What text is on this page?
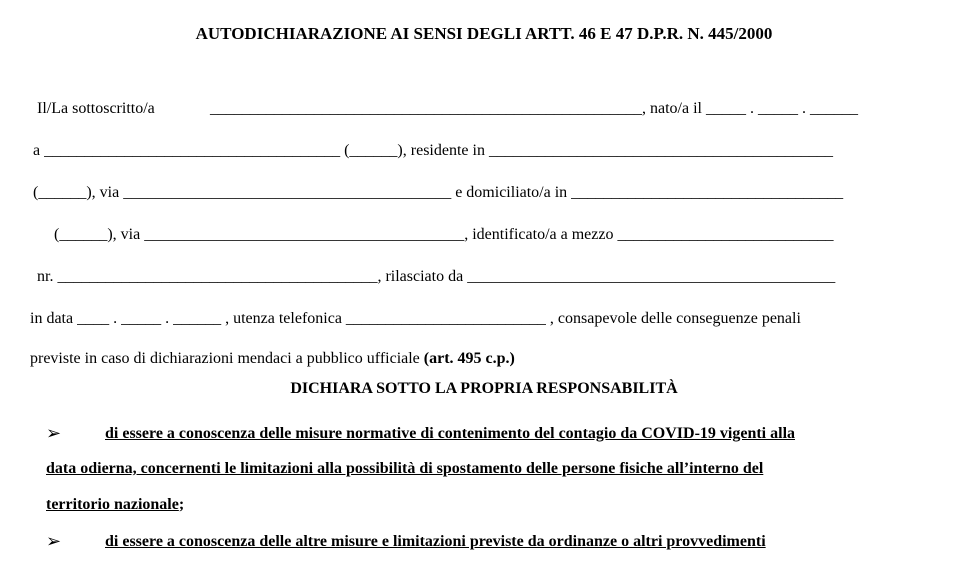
AUTODICHIARAZIONE AI SENSI DEGLI ARTT. 46 E 47 D.P.R. N. 445/2000
Il/La sottoscritto/a	______________________________________________________, nato/a il _____ . _____ . ______
a _____________________________________ (______), residente in ___________________________________________
(______), via _________________________________________ e domiciliato/a in __________________________________
(______), via ________________________________________, identificato/a a mezzo ___________________________
nr. ________________________________________, rilasciato da ______________________________________________
in data ____ . _____ . ______ , utenza telefonica _________________________ , consapevole delle conseguenze penali
previste in caso di dichiarazioni mendaci a pubblico ufficiale (art. 495 c.p.)
DICHIARA SOTTO LA PROPRIA RESPONSABILITÀ
➢	di essere a conoscenza delle misure normative di contenimento del contagio da COVID-19 vigenti alla
data odierna, concernenti le limitazioni alla possibilità di spostamento delle persone fisiche all’interno del
territorio nazionale;
➢	di essere a conoscenza delle altre misure e limitazioni previste da ordinanze o altri provvedimenti
